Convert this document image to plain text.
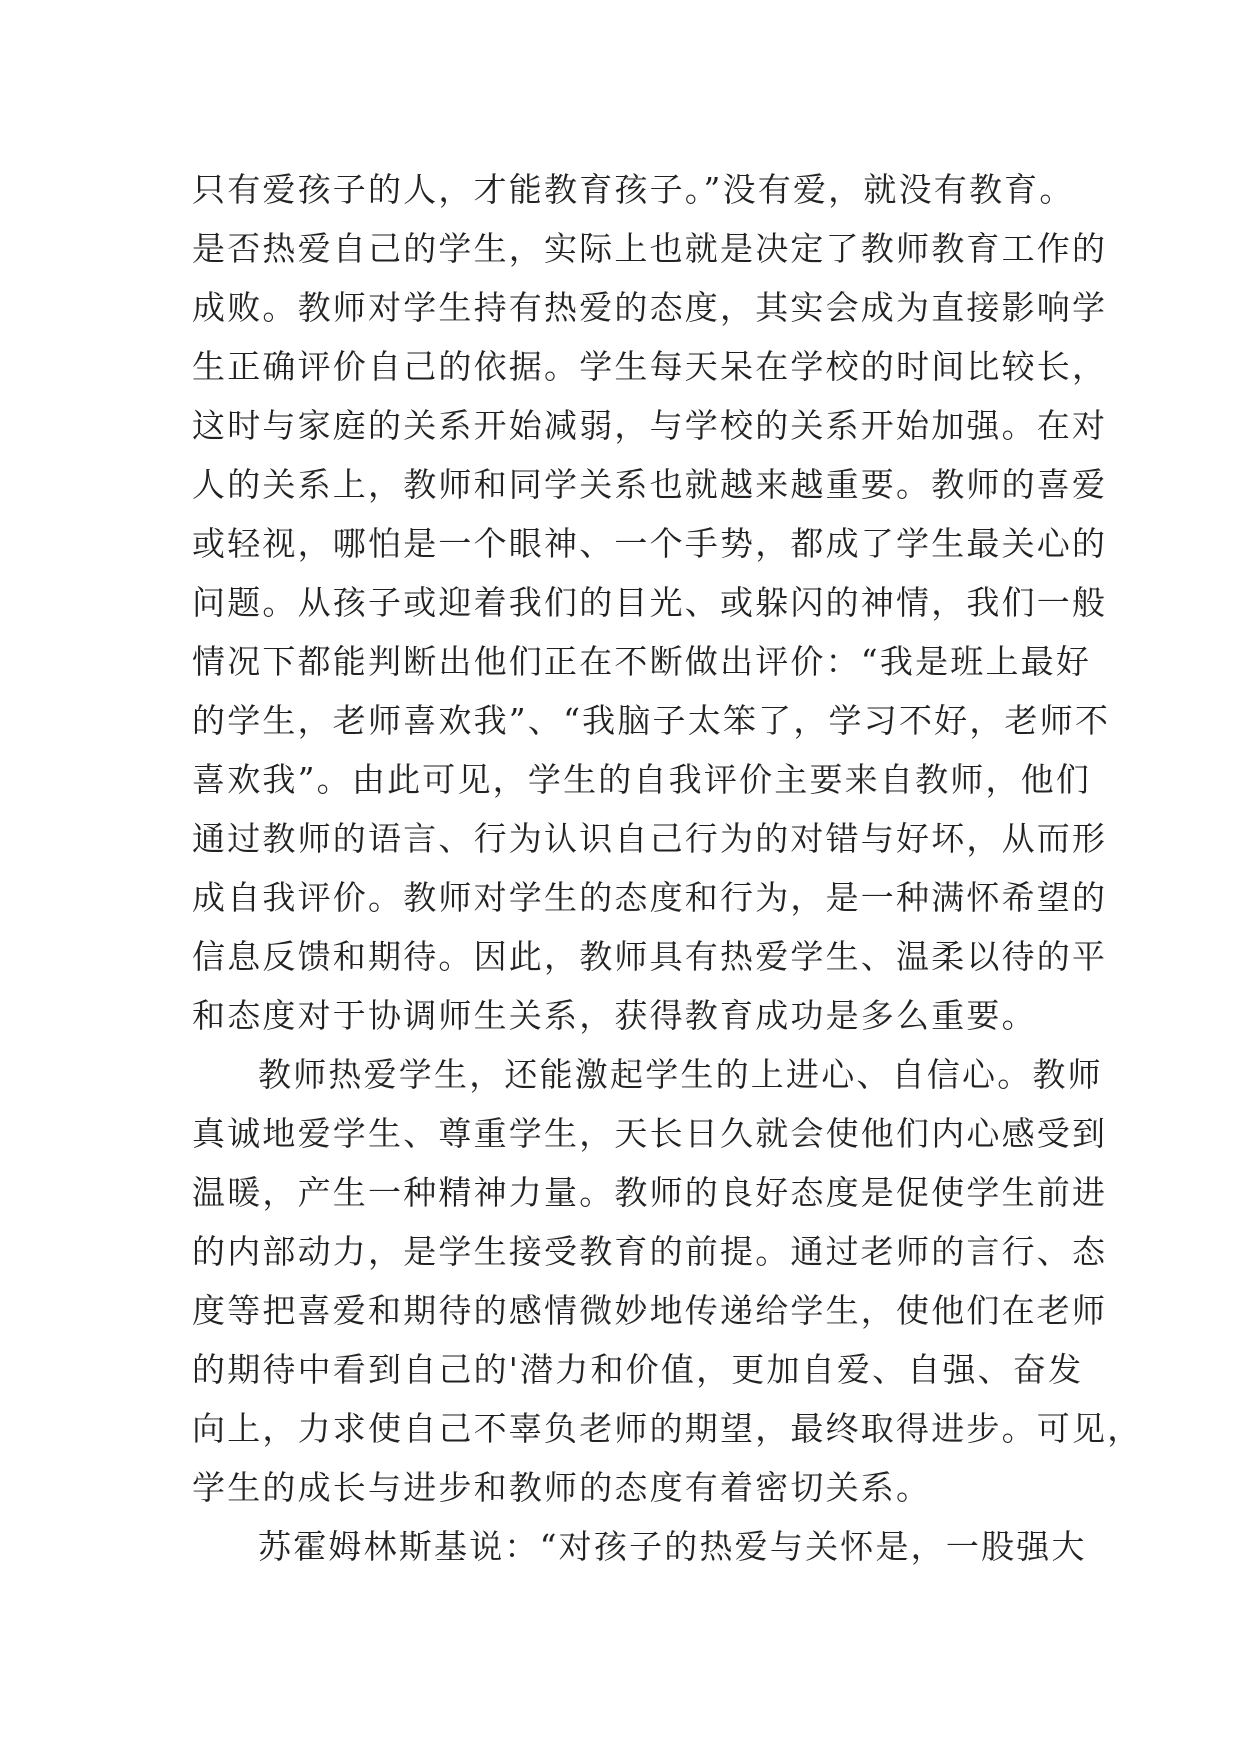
只有爱孩子的人，才能教育孩子。”没有爱，就没有教育。
是否热爱自己的学生，实际上也就是决定了教师教育工作的
成败。教师对学生持有热爱的态度，其实会成为直接影响学
生正确评价自己的依据。学生每天呆在学校的时间比较长，
这时与家庭的关系开始减弱，与学校的关系开始加强。在对
人的关系上，教师和同学关系也就越来越重要。教师的喜爱
或轻视，哪怕是一个眼神、一个手势，都成了学生最关心的
问题。从孩子或迎着我们的目光、或躲闪的神情，我们一般
情况下都能判断出他们正在不断做出评价：“我是班上最好
的学生，老师喜欢我”、“我脑子太笨了，学习不好，老师不
喜欢我”。由此可见，学生的自我评价主要来自教师，他们
通过教师的语言、行为认识自己行为的对错与好坏，从而形
成自我评价。教师对学生的态度和行为，是一种满怀希望的
信息反馈和期待。因此，教师具有热爱学生、温柔以待的平
和态度对于协调师生关系，获得教育成功是多么重要。
教师热爱学生，还能激起学生的上进心、自信心。教师
真诚地爱学生、尊重学生，天长日久就会使他们内心感受到
温暖，产生一种精神力量。教师的良好态度是促使学生前进
的内部动力，是学生接受教育的前提。通过老师的言行、态
度等把喜爱和期待的感情微妙地传递给学生，使他们在老师
的期待中看到自己的'潜力和价值，更加自爱、自强、奋发
向上，力求使自己不辜负老师的期望，最终取得进步。可见，
学生的成长与进步和教师的态度有着密切关系。
苏霍姆林斯基说：“对孩子的热爱与关怀是，一股强大
